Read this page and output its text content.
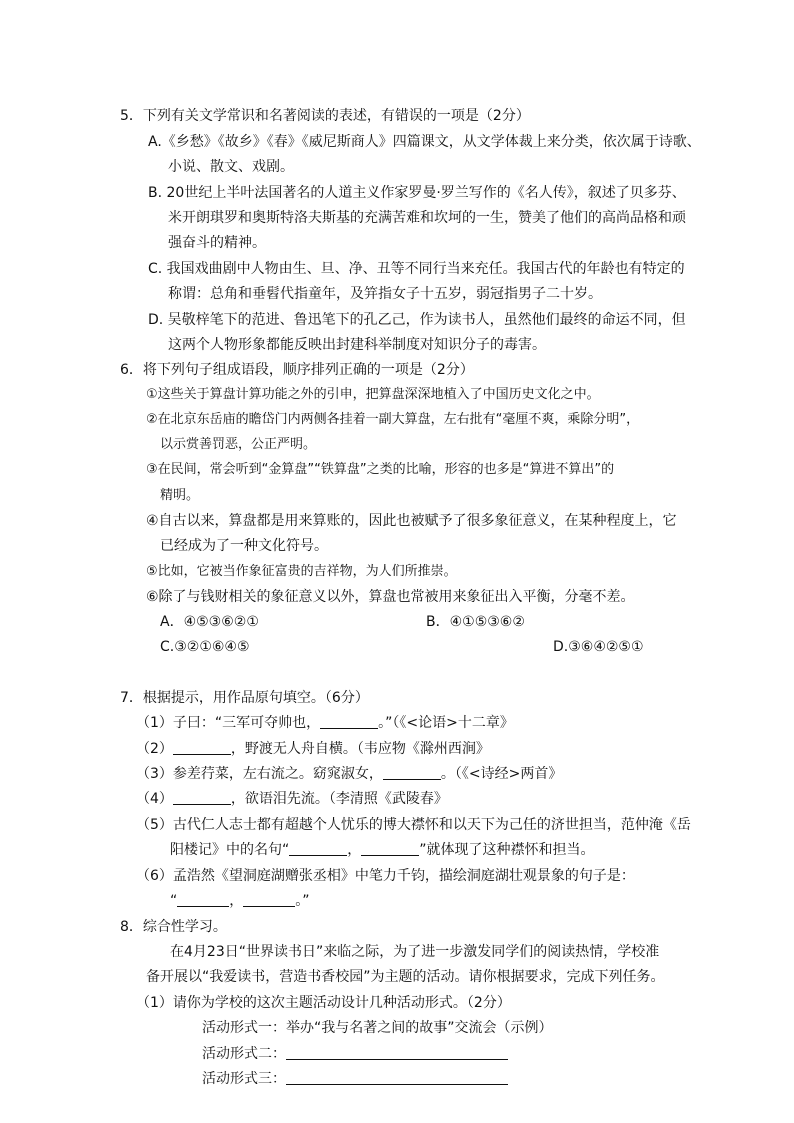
5．下列有关文学常识和名著阅读的表述，有错误的一项是（2分）
A.《乡愁》《故乡》《春》《威尼斯商人》四篇课文，从文学体裁上来分类，依次属于诗歌、
小说、散文、戏剧。
B. 20世纪上半叶法国著名的人道主义作家罗曼·罗兰写作的《名人传》，叙述了贝多芬、
米开朗琪罗和奥斯特洛夫斯基的充满苦难和坎坷的一生，赞美了他们的高尚品格和顽
强奋斗的精神。
C. 我国戏曲剧中人物由生、旦、净、丑等不同行当来充任。我国古代的年龄也有特定的
称谓：总角和垂髫代指童年，及笄指女子十五岁，弱冠指男子二十岁。
D. 吴敬梓笔下的范进、鲁迅笔下的孔乙己，作为读书人，虽然他们最终的命运不同，但
这两个人物形象都能反映出封建科举制度对知识分子的毒害。
6．将下列句子组成语段，顺序排列正确的一项是（2分）
①这些关于算盘计算功能之外的引申，把算盘深深地植入了中国历史文化之中。
②在北京东岳庙的瞻岱门内两侧各挂着一副大算盘，左右批有“毫厘不爽，乘除分明”，
以示赏善罚恶，公正严明。
③在民间，常会听到“金算盘”“铁算盘”之类的比喻，形容的也多是“算进不算出”的
精明。
④自古以来，算盘都是用来算账的，因此也被赋予了很多象征意义，在某种程度上，它
已经成为了一种文化符号。
⑤比如，它被当作象征富贵的吉祥物，为人们所推崇。
⑥除了与钱财相关的象征意义以外，算盘也常被用来象征出入平衡，分毫不差。
A．④⑤③⑥②①	B．④①⑤③⑥②
C.③②①⑥④⑤	D.③⑥④②⑤①
7．根据提示，用作品原句填空。（6分）
（1）子曰：“三军可夺帅也，	。”（《<论语>十二章》
（2）	，野渡无人舟自横。（韦应物《滁州西涧》
（3）参差荇菜，左右流之。窈窕淑女，	。（《<诗经>两首》
（4）	，欲语泪先流。（李清照《武陵春》
（5）古代仁人志士都有超越个人忧乐的博大襟怀和以天下为己任的济世担当，范仲淹《岳
阳楼记》中的名句“	，	”就体现了这种襟怀和担当。
（6）孟浩然《望洞庭湖赠张丞相》中笔力千钧，描绘洞庭湖壮观景象的句子是：
“	，	。”
8．综合性学习。
在4月23日“世界读书日”来临之际，为了进一步激发同学们的阅读热情，学校准
备开展以“我爱读书，营造书香校园”为主题的活动。请你根据要求，完成下列任务。
（1）请你为学校的这次主题活动设计几种活动形式。（2分）
活动形式一：举办“我与名著之间的故事”交流会（示例）
活动形式二：
活动形式三：
